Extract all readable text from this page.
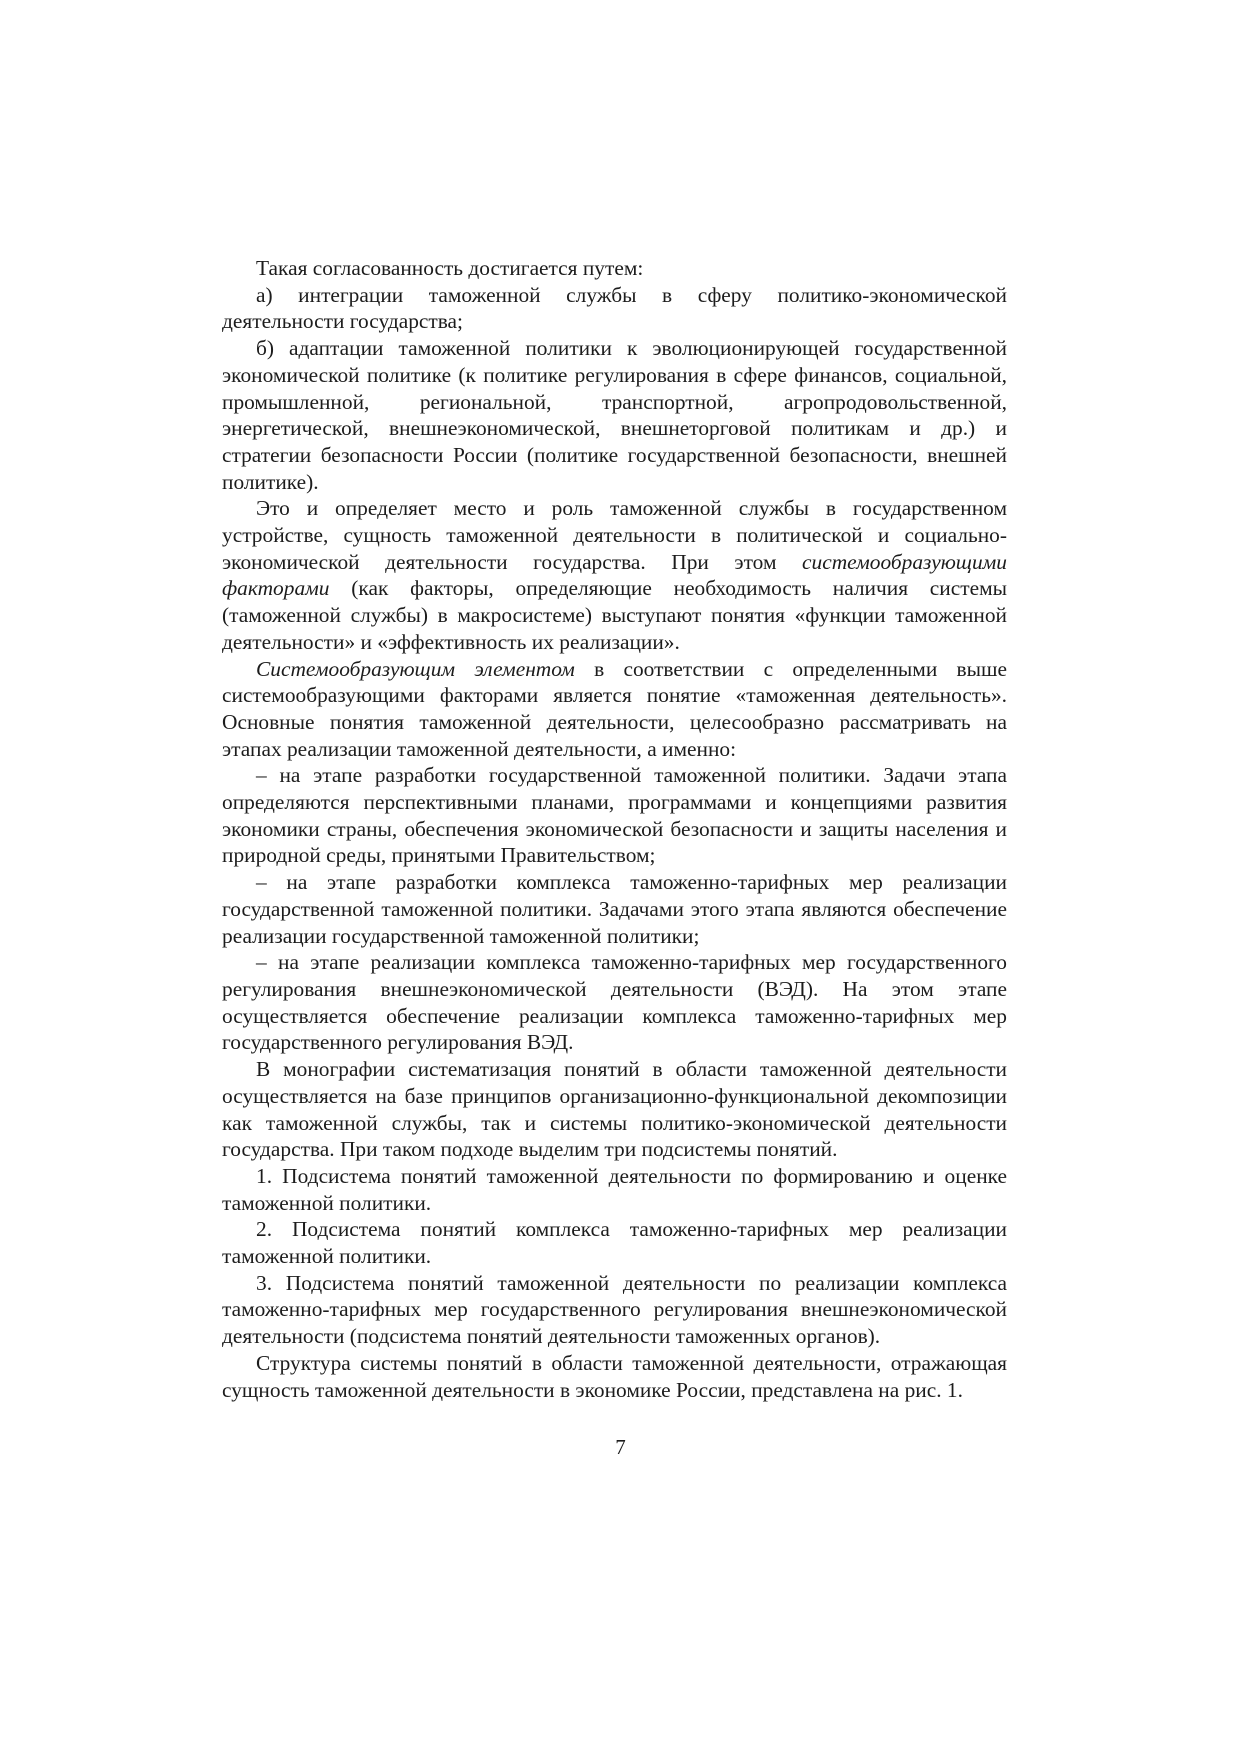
Такая согласованность достигается путем:

а) интеграции таможенной службы в сферу политико-экономической деятельности государства;

б) адаптации таможенной политики к эволюционирующей государственной экономической политике (к политике регулирования в сфере финансов, социальной, промышленной, региональной, транспортной, агропродовольственной, энергетической, внешнеэкономической, внешнеторговой политикам и др.) и стратегии безопасности России (политике государственной безопасности, внешней политике).

Это и определяет место и роль таможенной службы в государственном устройстве, сущность таможенной деятельности в политической и социально-экономической деятельности государства. При этом системообразующими факторами (как факторы, определяющие необходимость наличия системы (таможенной службы) в макросистеме) выступают понятия «функции таможенной деятельности» и «эффективность их реализации».

Системообразующим элементом в соответствии с определенными выше системообразующими факторами является понятие «таможенная деятельность». Основные понятия таможенной деятельности, целесообразно рассматривать на этапах реализации таможенной деятельности, а именно:

– на этапе разработки государственной таможенной политики. Задачи этапа определяются перспективными планами, программами и концепциями развития экономики страны, обеспечения экономической безопасности и защиты населения и природной среды, принятыми Правительством;

– на этапе разработки комплекса таможенно-тарифных мер реализации государственной таможенной политики. Задачами этого этапа являются обеспечение реализации государственной таможенной политики;

– на этапе реализации комплекса таможенно-тарифных мер государственного регулирования внешнеэкономической деятельности (ВЭД). На этом этапе осуществляется обеспечение реализации комплекса таможенно-тарифных мер государственного регулирования ВЭД.

В монографии систематизация понятий в области таможенной деятельности осуществляется на базе принципов организационно-функциональной декомпозиции как таможенной службы, так и системы политико-экономической деятельности государства. При таком подходе выделим три подсистемы понятий.

1. Подсистема понятий таможенной деятельности по формированию и оценке таможенной политики.

2. Подсистема понятий комплекса таможенно-тарифных мер реализации таможенной политики.

3. Подсистема понятий таможенной деятельности по реализации комплекса таможенно-тарифных мер государственного регулирования внешнеэкономической деятельности (подсистема понятий деятельности таможенных органов).

Структура системы понятий в области таможенной деятельности, отражающая сущность таможенной деятельности в экономике России, представлена на рис. 1.

7
